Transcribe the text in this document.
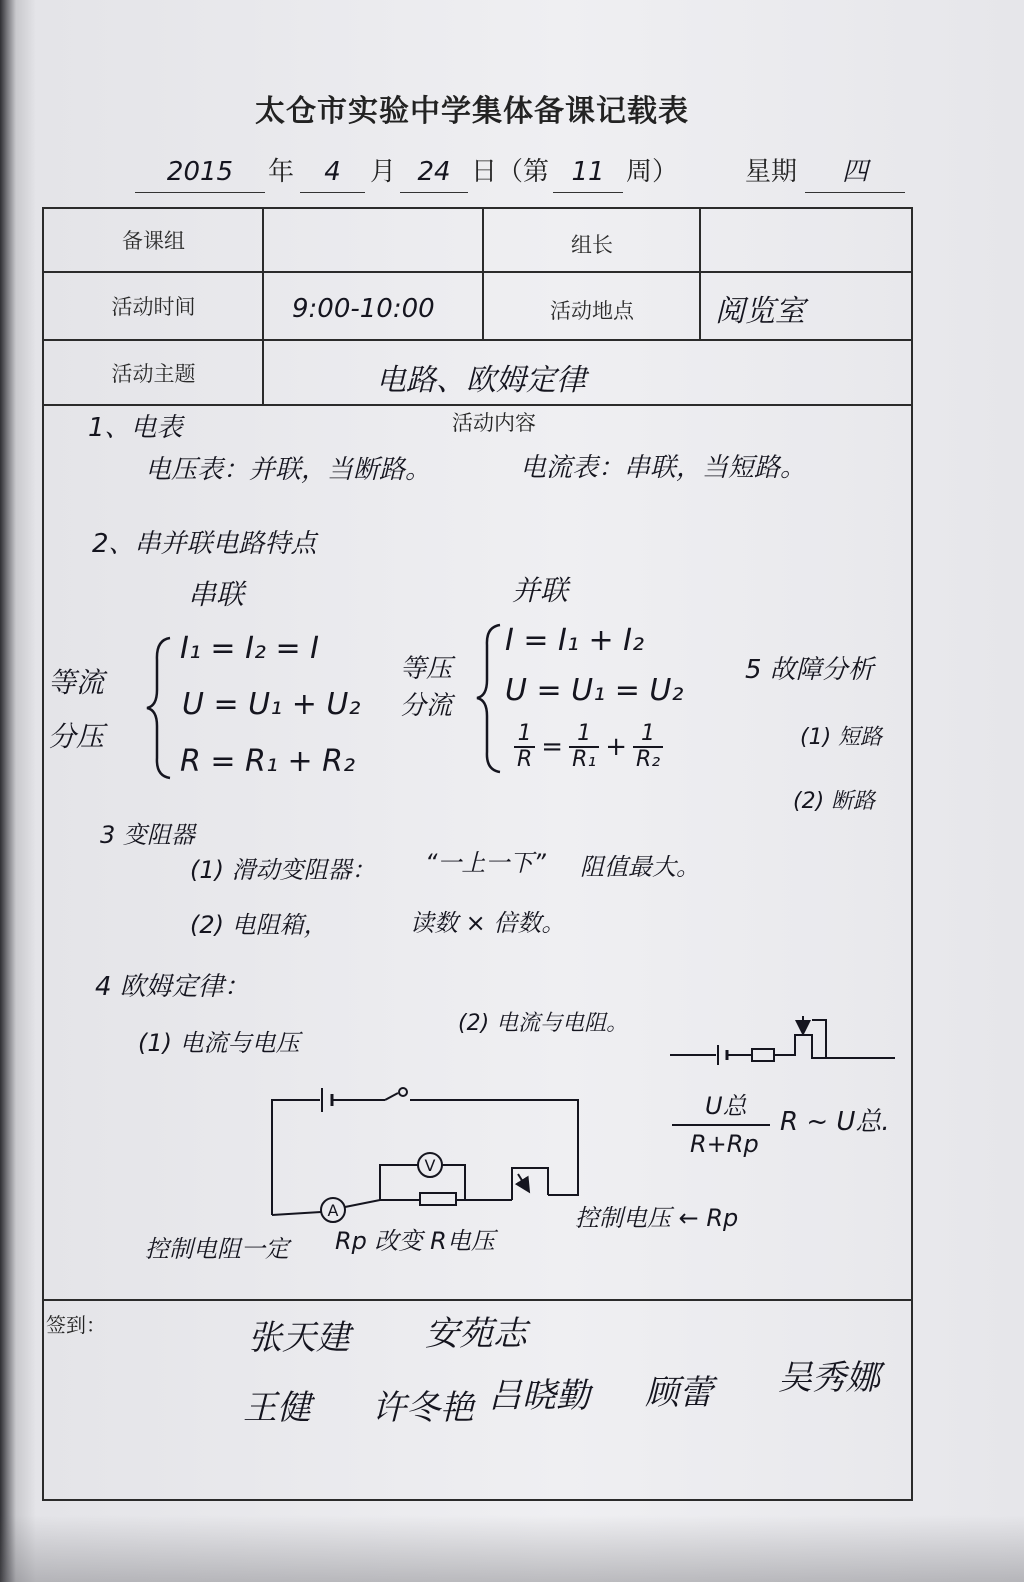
A
V
太仓市实验中学集体备课记载表
2015	年	4	月 24 日（第 11 周）	星期	四
备课组	组长
活动时间	9:00-10:00	活动地点	阅览室
活动主题	电路、欧姆定律
活动内容
1、电表
电压表：并联，当断路。	电流表：串联，当短路。
2、串并联电路特点
串联
等流
分压
I₁ = I₂ = I
U = U₁ + U₂
R = R₁ + R₂
并联
等压
分流
I = I₁ + I₂
U = U₁ = U₂
$\frac{1}{R} = \frac{1}{\text{R₁}} + \frac{1}{\text{R₂}}$
5 故障分析
(1) 短路
(2) 断路
3 变阻器
(1) 滑动变阻器： “一上一下” 阻值最大。
(2) 电阻箱，	读数 × 倍数。
4 欧姆定律：
(1) 电流与电压
(2) 电流与电阻。
控制电阻一定 Rp 改变 R电压
控制电压 ← Rp
U总
R+Rp
R ~ U总.
签到：	张天建 安苑志
王健 许冬艳 吕晓勤 顾蕾 吴秀娜
